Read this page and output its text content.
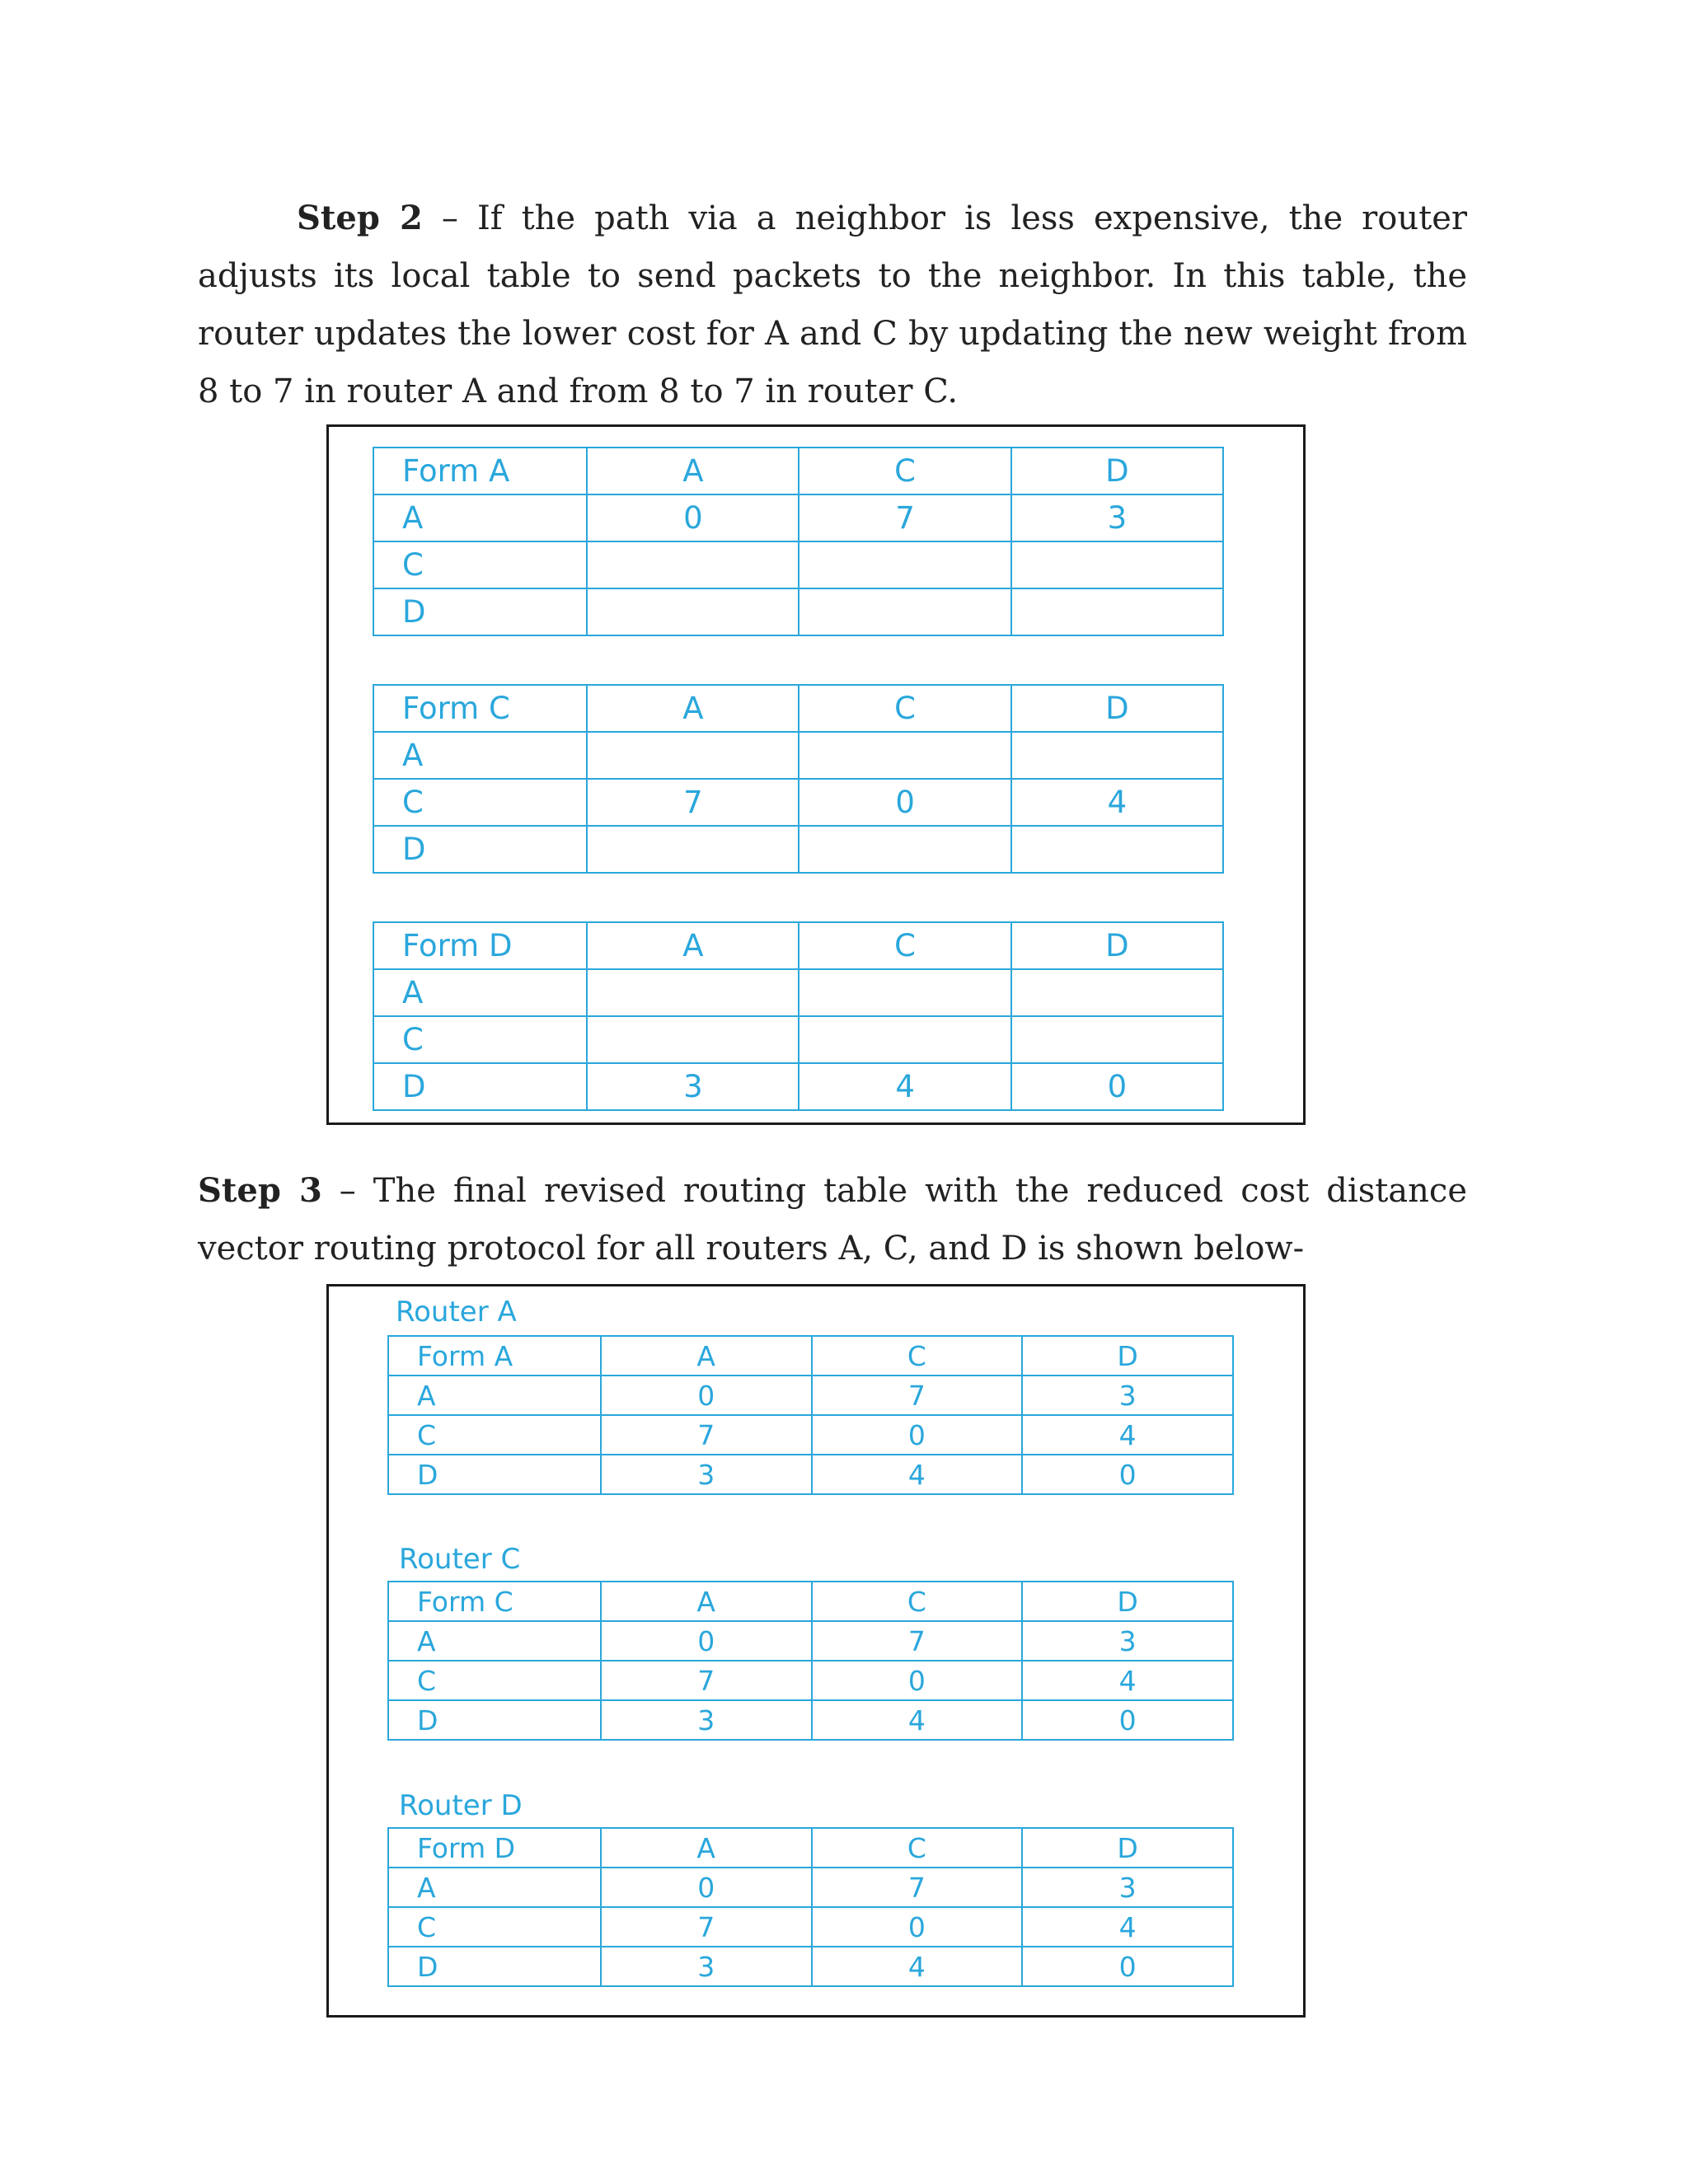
Step 2 – If the path via a neighbor is less expensive, the router adjusts its local table to send packets to the neighbor. In this table, the router updates the lower cost for A and C by updating the new weight from 8 to 7 in router A and from 8 to 7 in router C.

Form A	A	C	D
A	0	7	3
C			
D			
Form C	A	C	D
A			
C	7	0	4
D			
Form D	A	C	D
A			
C			
D	3	4	0

Step 3 – The final revised routing table with the reduced cost distance vector routing protocol for all routers A, C, and D is shown below-

Router A
Form A	A	C	D
A	0	7	3
C	7	0	4
D	3	4	0
Router C
Form C	A	C	D
A	0	7	3
C	7	0	4
D	3	4	0
Router D
Form D	A	C	D
A	0	7	3
C	7	0	4
D	3	4	0
